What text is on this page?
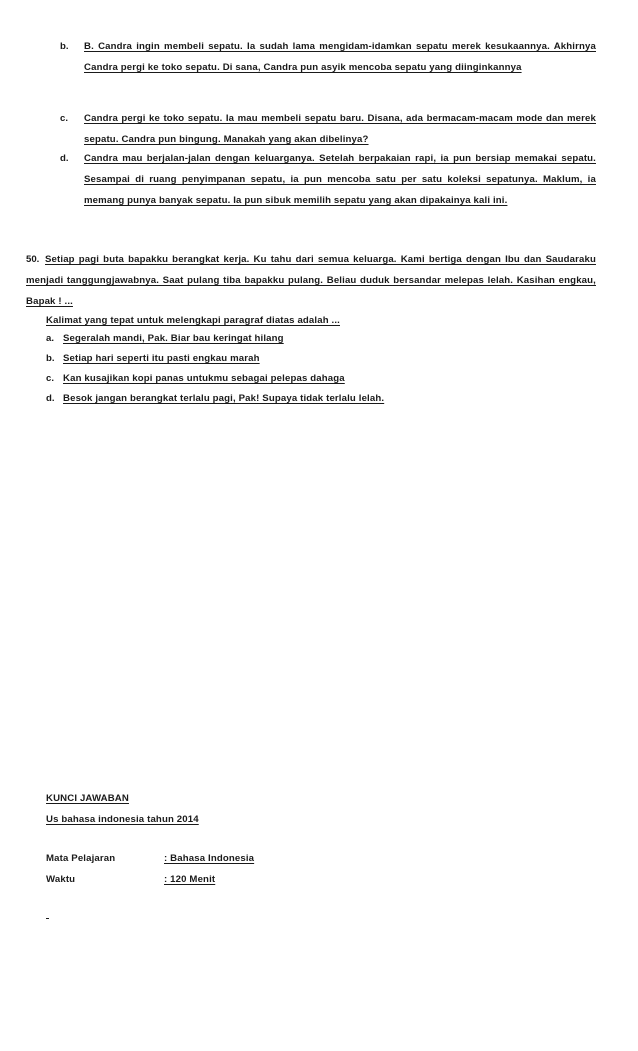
b. B. Candra ingin membeli sepatu. Ia sudah lama mengidam-idamkan sepatu merek kesukaannya. Akhirnya Candra pergi ke toko sepatu. Di sana, Candra pun asyik mencoba sepatu yang diinginkannya
c. Candra pergi ke toko sepatu. Ia mau membeli sepatu baru. Disana, ada bermacam-macam mode dan merek sepatu. Candra pun bingung. Manakah yang akan dibelinya?
d. Candra mau berjalan-jalan dengan keluarganya. Setelah berpakaian rapi, ia pun bersiap memakai sepatu. Sesampai di ruang penyimpanan sepatu, ia pun mencoba satu per satu koleksi sepatunya. Maklum, ia memang punya banyak sepatu. Ia pun sibuk memilih sepatu yang akan dipakainya kali ini.
50. Setiap pagi buta bapakku berangkat kerja. Ku tahu dari semua keluarga. Kami bertiga dengan Ibu dan Saudaraku menjadi tanggungjawabnya. Saat pulang tiba bapakku pulang. Beliau duduk bersandar melepas lelah. Kasihan engkau, Bapak ! ...
Kalimat yang tepat untuk melengkapi paragraf diatas adalah ...
a. Segeralah mandi, Pak. Biar bau keringat hilang
b. Setiap hari seperti itu pasti engkau marah
c. Kan kusajikan kopi panas untukmu sebagai pelepas dahaga
d. Besok jangan berangkat terlalu pagi, Pak! Supaya tidak terlalu lelah.
KUNCI JAWABAN
Us bahasa indonesia tahun 2014
Mata Pelajaran	: Bahasa Indonesia
Waktu	: 120 Menit
